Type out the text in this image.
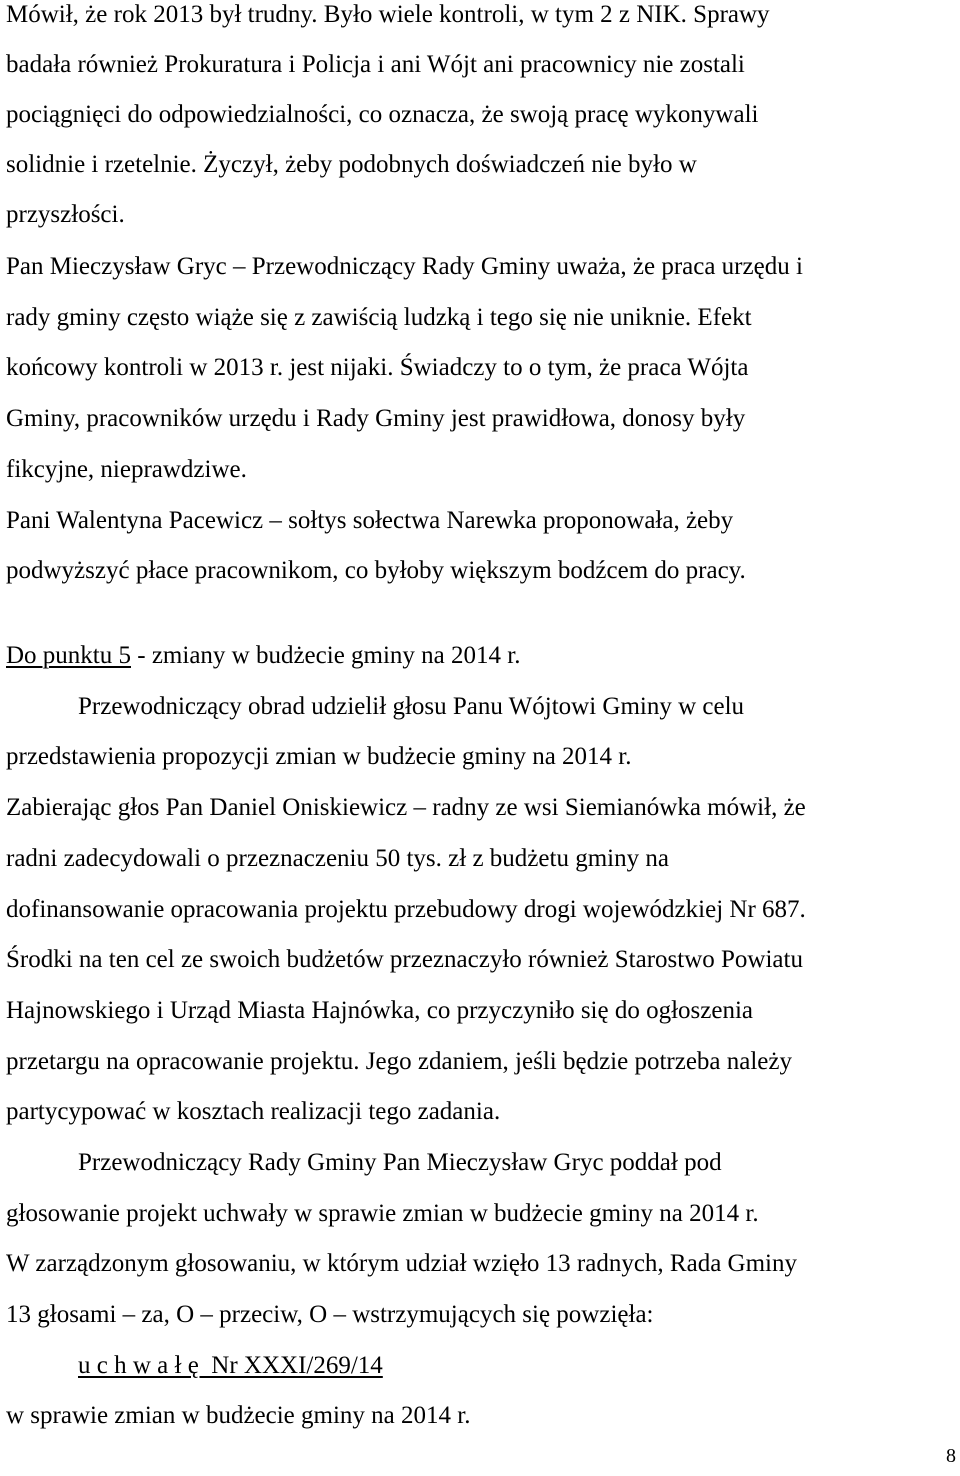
Mówił, że rok 2013 był trudny. Było wiele kontroli, w tym 2 z NIK. Sprawy
badała również Prokuratura i Policja i ani Wójt ani pracownicy nie zostali
pociągnięci do odpowiedzialności, co oznacza, że swoją pracę wykonywali
solidnie i rzetelnie. Życzył, żeby podobnych doświadczeń nie było w
przyszłości.
Pan Mieczysław Gryc – Przewodniczący Rady Gminy uważa, że praca urzędu i
rady gminy często wiąże się z zawiścią ludzką i tego się nie uniknie. Efekt
końcowy kontroli w 2013 r. jest nijaki. Świadczy to o tym, że praca Wójta
Gminy, pracowników urzędu i Rady Gminy jest prawidłowa, donosy były
fikcyjne, nieprawdziwe.
Pani Walentyna Pacewicz – sołtys sołectwa Narewka proponowała, żeby
podwyższyć płace pracownikom, co byłoby większym bodźcem do pracy.
Do punktu 5 - zmiany w budżecie gminy na 2014 r.
Przewodniczący obrad udzielił głosu Panu Wójtowi Gminy w celu
przedstawienia propozycji zmian w budżecie gminy na 2014 r.
Zabierając głos Pan Daniel Oniskiewicz – radny ze wsi Siemianówka mówił, że
radni zadecydowali o przeznaczeniu 50 tys. zł z budżetu gminy na
dofinansowanie opracowania projektu przebudowy drogi wojewódzkiej Nr 687.
Środki na ten cel ze swoich budżetów przeznaczyło również Starostwo Powiatu
Hajnowskiego i Urząd Miasta Hajnówka, co przyczyniło się do ogłoszenia
przetargu na opracowanie projektu. Jego zdaniem, jeśli będzie potrzeba należy
partycypować w kosztach realizacji tego zadania.
Przewodniczący Rady Gminy Pan Mieczysław Gryc poddał pod
głosowanie projekt uchwały w sprawie zmian w budżecie gminy na 2014 r.
W zarządzonym głosowaniu, w którym udział wzięło 13 radnych, Rada Gminy
13 głosami – za, O – przeciw, O – wstrzymujących się powzięła:
u c h w a ł ę  Nr XXXI/269/14
w sprawie zmian w budżecie gminy na 2014 r.
8
